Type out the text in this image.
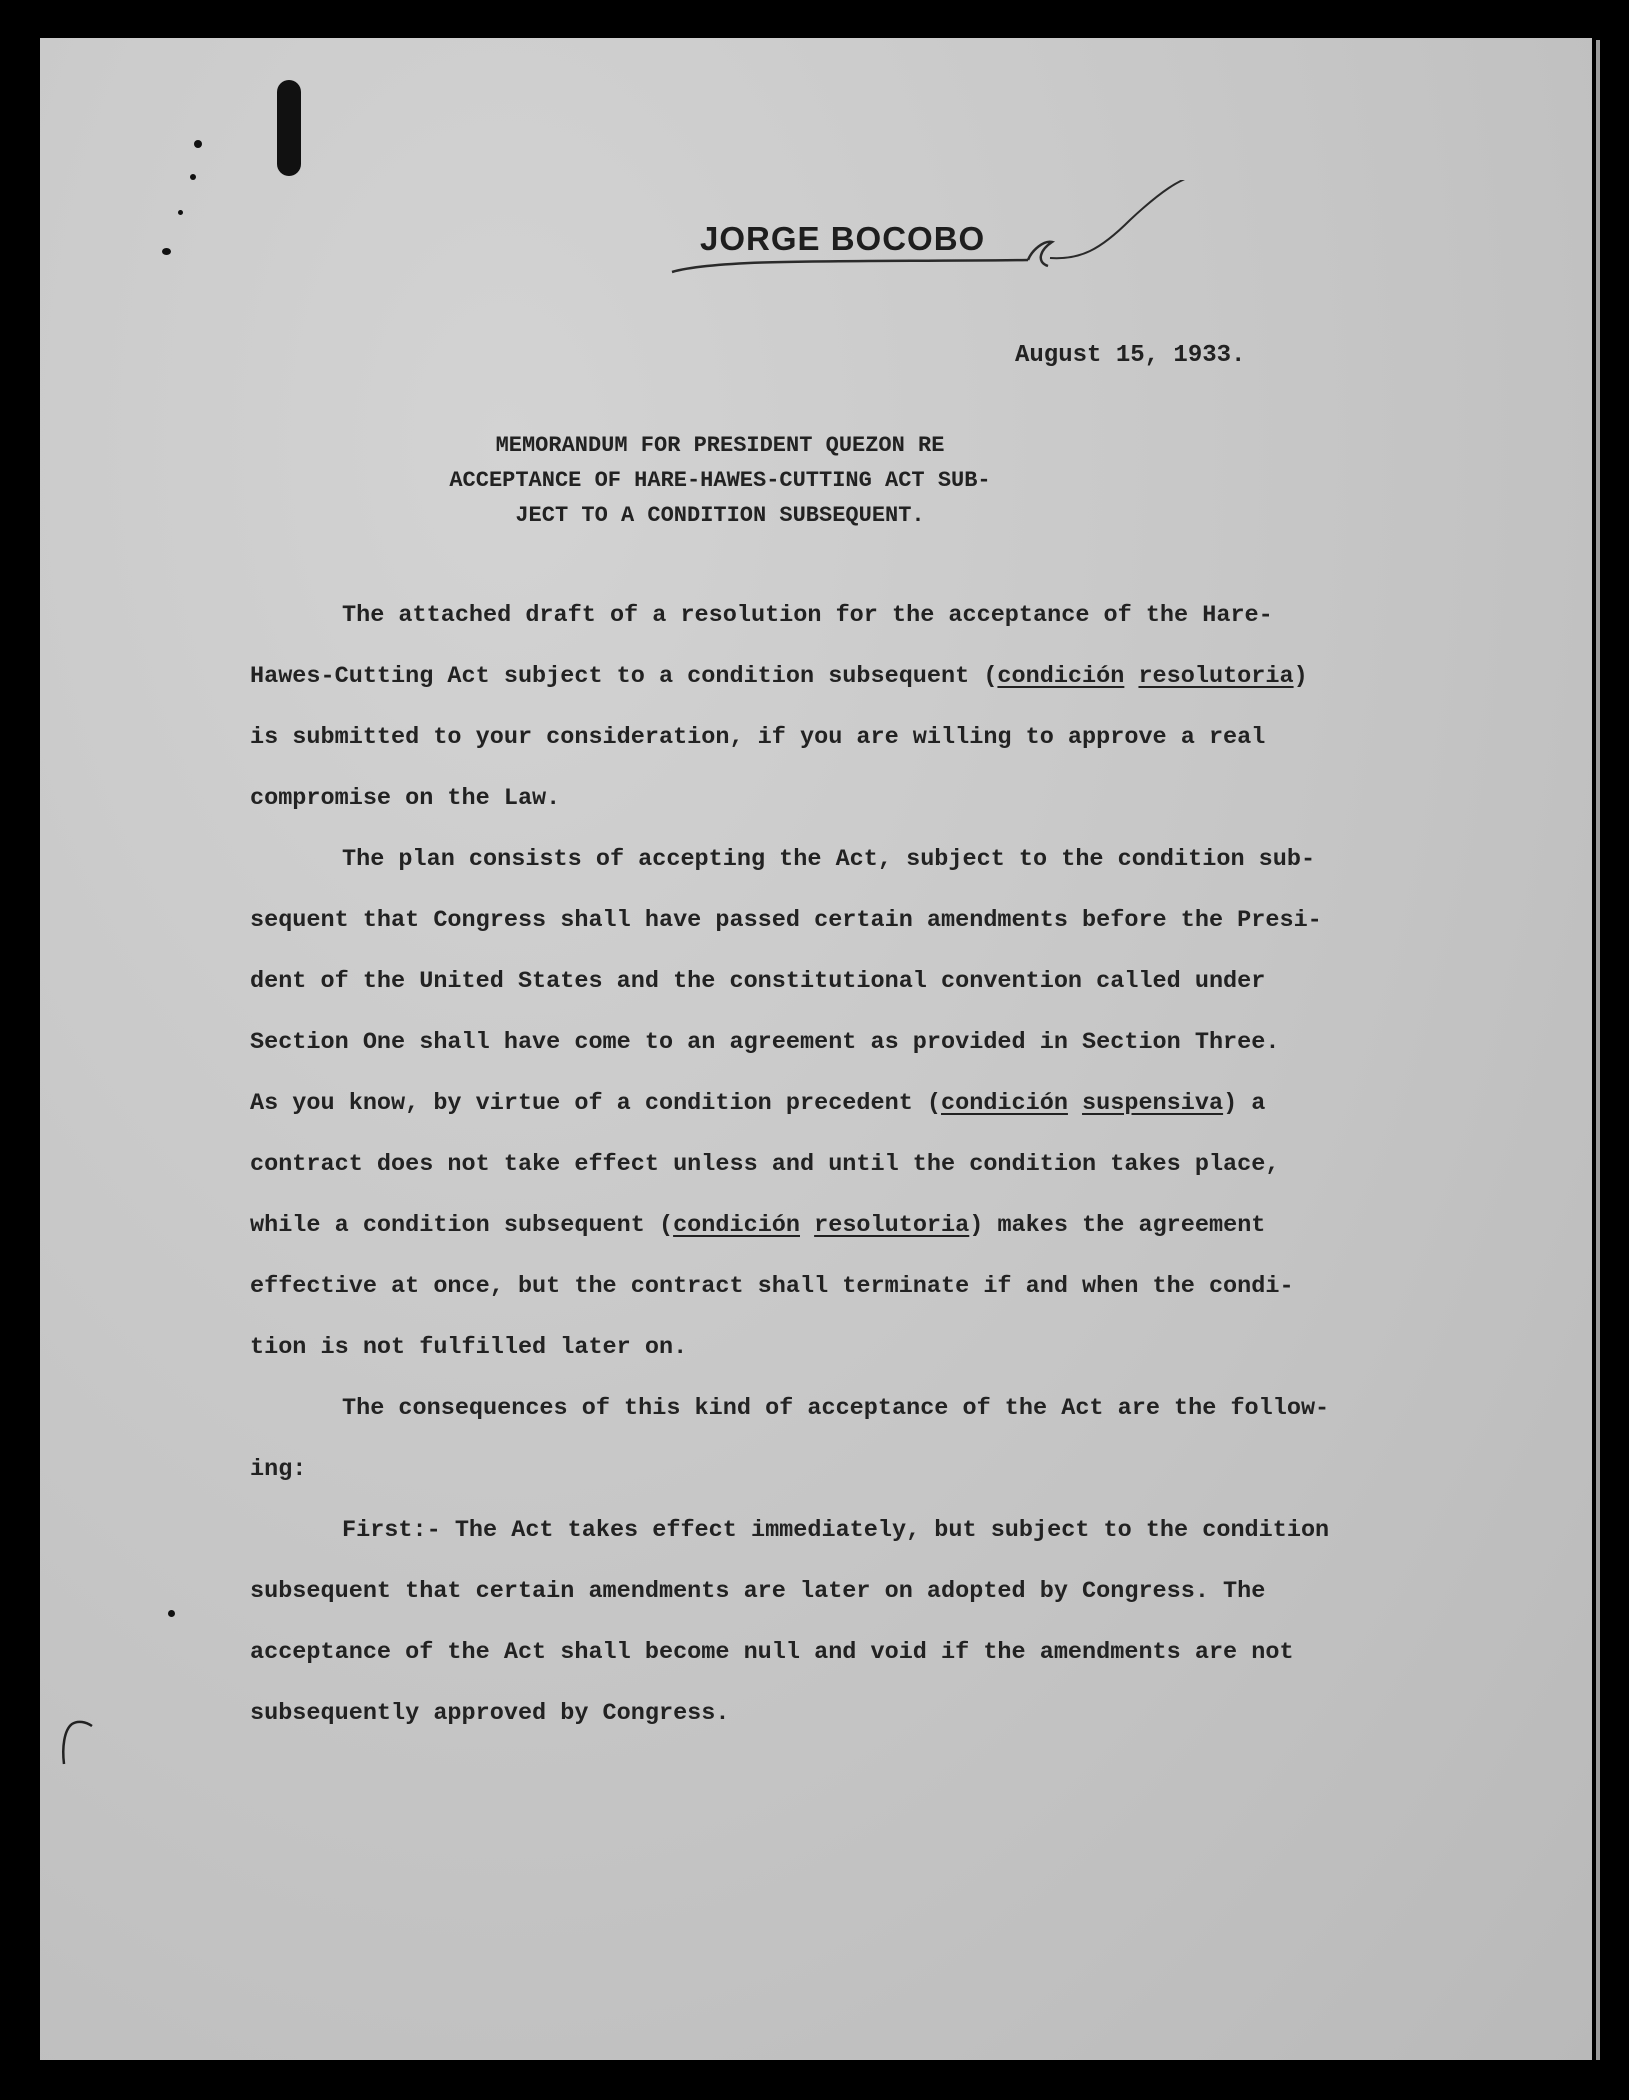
JORGE BOCOBO
August 15, 1933.
MEMORANDUM FOR PRESIDENT QUEZON RE
ACCEPTANCE OF HARE-HAWES-CUTTING ACT SUB-
JECT TO A CONDITION SUBSEQUENT.
The attached draft of a resolution for the acceptance of the Hare-
Hawes-Cutting Act subject to a condition subsequent (condición resolutoria)
is submitted to your consideration, if you are willing to approve a real
compromise on the Law.
The plan consists of accepting the Act, subject to the condition sub-
sequent that Congress shall have passed certain amendments before the Presi-
dent of the United States and the constitutional convention called under
Section One shall have come to an agreement as provided in Section Three.
As you know, by virtue of a condition precedent (condición suspensiva) a
contract does not take effect unless and until the condition takes place,
while a condition subsequent (condición resolutoria) makes the agreement
effective at once, but the contract shall terminate if and when the condi-
tion is not fulfilled later on.
The consequences of this kind of acceptance of the Act are the follow-
ing:
First:- The Act takes effect immediately, but subject to the condition
subsequent that certain amendments are later on adopted by Congress. The
acceptance of the Act shall become null and void if the amendments are not
subsequently approved by Congress.
